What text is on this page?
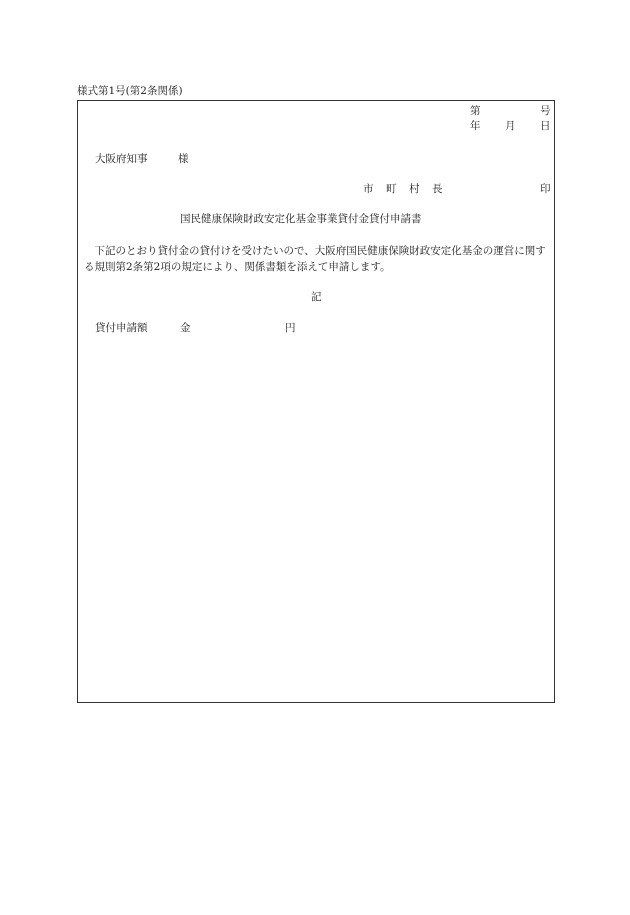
様式第1号(第2条関係)
第	号
年 月 日
大阪府知事	様
市 町 村 長	印
国民健康保険財政安定化基金事業貸付金貸付申請書
下記のとおり貸付金の貸付けを受けたいので、大阪府国民健康保険財政安定化基金の運営に関する規則第2条第2項の規定により、関係書類を添えて申請します。
記
貸付申請額	金	円
